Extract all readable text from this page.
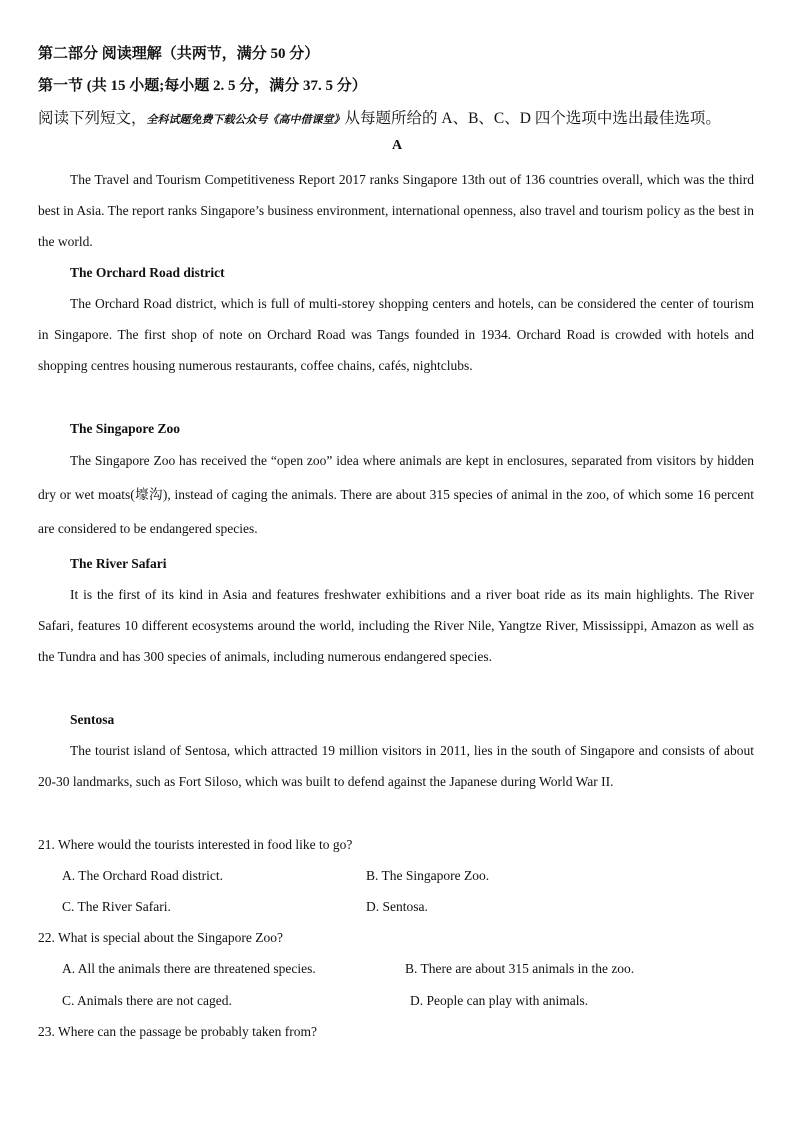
第二部分 阅读理解（共两节，满分 50 分）
第一节 (共 15 小题;每小题 2. 5 分，满分 37. 5 分）
阅读下列短文，全科试题免费下载公众号《高中借课堂》从每题所给的 A、B、C、D 四个选项中选出最佳选项。
A
The Travel and Tourism Competitiveness Report 2017 ranks Singapore 13th out of 136 countries overall, which was the third best in Asia. The report ranks Singapore’s business environment, international openness, also travel and tourism policy as the best in the world.
The Orchard Road district
The Orchard Road district, which is full of multi-storey shopping centers and hotels, can be considered the center of tourism in Singapore. The first shop of note on Orchard Road was Tangs founded in 1934. Orchard Road is crowded with hotels and shopping centres housing numerous restaurants, coffee chains, cafés, nightclubs.
The Singapore Zoo
The Singapore Zoo has received the “open zoo” idea where animals are kept in enclosures, separated from visitors by hidden dry or wet moats(壕沟), instead of caging the animals. There are about 315 species of animal in the zoo, of which some 16 percent are considered to be endangered species.
The River Safari
It is the first of its kind in Asia and features freshwater exhibitions and a river boat ride as its main highlights. The River Safari, features 10 different ecosystems around the world, including the River Nile, Yangtze River, Mississippi, Amazon as well as the Tundra and has 300 species of animals, including numerous endangered species.
Sentosa
The tourist island of Sentosa, which attracted 19 million visitors in 2011, lies in the south of Singapore and consists of about 20-30 landmarks, such as Fort Siloso, which was built to defend against the Japanese during World War II.
21. Where would the tourists interested in food like to go?
A. The Orchard Road district.	B. The Singapore Zoo.
C. The River Safari.	D. Sentosa.
22. What is special about the Singapore Zoo?
A. All the animals there are threatened species.	B. There are about 315 animals in the zoo.
C. Animals there are not caged.	D. People can play with animals.
23. Where can the passage be probably taken from?
